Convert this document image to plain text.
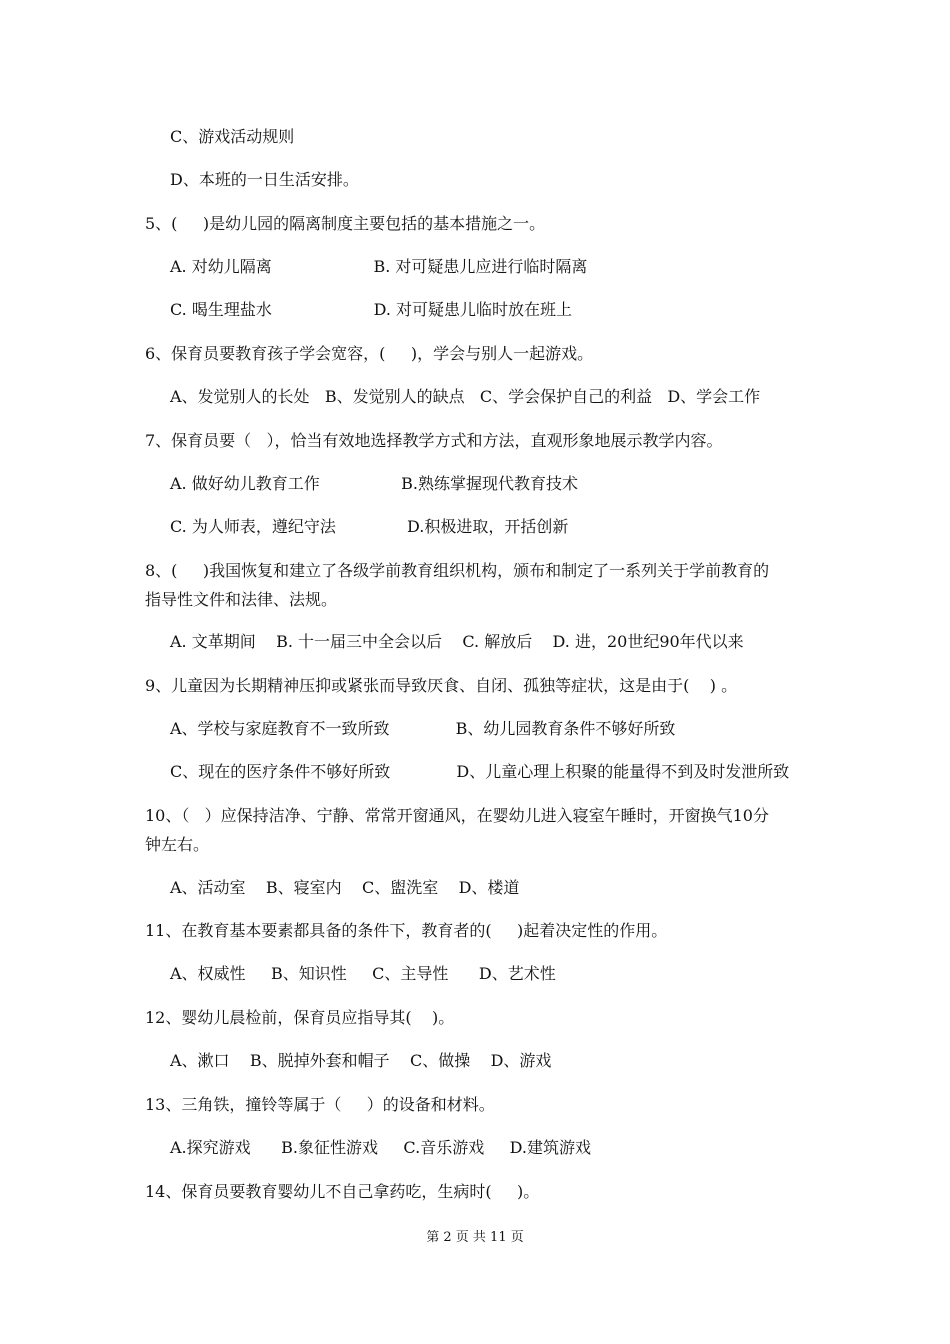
C、游戏活动规则
D、本班的一日生活安排。
5、(     )是幼儿园的隔离制度主要包括的基本措施之一。
A. 对幼儿隔离                    B. 对可疑患儿应进行临时隔离
C. 喝生理盐水                    D. 对可疑患儿临时放在班上
6、保育员要教育孩子学会宽容，(     )，学会与别人一起游戏。
A、发觉别人的长处   B、发觉别人的缺点   C、学会保护自己的利益   D、学会工作
7、保育员要（   ），恰当有效地选择教学方式和方法，直观形象地展示教学内容。
A. 做好幼儿教育工作                B.熟练掌握现代教育技术
C. 为人师表，遵纪守法              D.积极进取，开括创新
8、(     )我国恢复和建立了各级学前教育组织机构，颁布和制定了一系列关于学前教育的
指导性文件和法律、法规。
A. 文革期间    B. 十一届三中全会以后    C. 解放后    D. 进，20世纪90年代以来
9、儿童因为长期精神压抑或紧张而导致厌食、自闭、孤独等症状，这是由于(    ) 。
A、学校与家庭教育不一致所致             B、幼儿园教育条件不够好所致
C、现在的医疗条件不够好所致             D、儿童心理上积聚的能量得不到及时发泄所致
10、（   ）应保持洁净、宁静、常常开窗通风，在婴幼儿进入寝室午睡时，开窗换气10分
钟左右。
A、活动室    B、寝室内    C、盥洗室    D、楼道
11、在教育基本要素都具备的条件下，教育者的(     )起着决定性的作用。
A、权威性     B、知识性     C、主导性      D、艺术性
12、婴幼儿晨检前，保育员应指导其(    )。
A、漱口    B、脱掉外套和帽子    C、做操    D、游戏
13、三角铁，撞铃等属于（     ）的设备和材料。
A.探究游戏      B.象征性游戏     C.音乐游戏     D.建筑游戏
14、保育员要教育婴幼儿不自己拿药吃，生病时(     )。
第 2 页 共 11 页
